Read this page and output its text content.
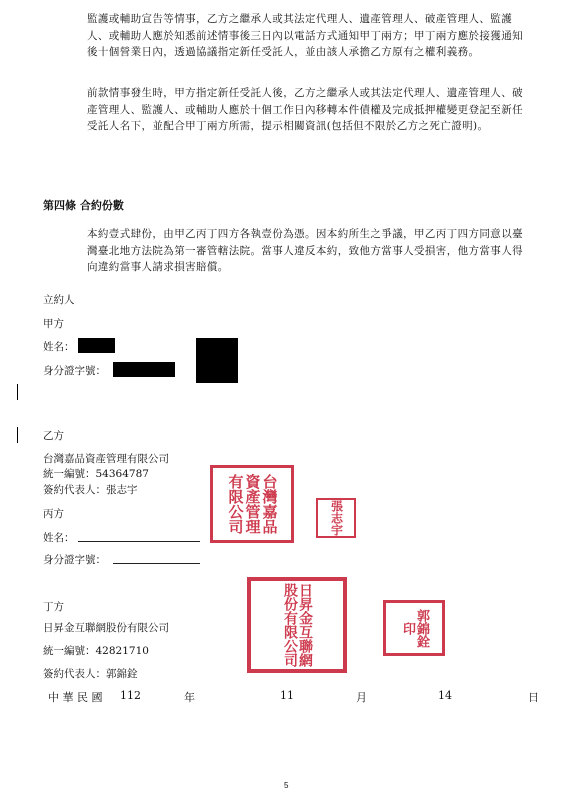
監護或輔助宣告等情事，乙方之繼承人或其法定代理人、遺產管理人、破產管理人、監護人、或輔助人應於知悉前述情事後三日內以電話方式通知甲丁兩方；甲丁兩方應於接獲通知後十個營業日內，透過協議指定新任受託人，並由該人承擔乙方原有之權利義務。
前款情事發生時，甲方指定新任受託人後，乙方之繼承人或其法定代理人、遺產管理人、破產管理人、監護人、或輔助人應於十個工作日內移轉本件債權及完成抵押權變更登記至新任受託人名下，並配合甲丁兩方所需，提示相關資訊(包括但不限於乙方之死亡證明)。
第四條 合約份數
本約壹式肆份，由甲乙丙丁四方各執壹份為憑。因本約所生之爭議，甲乙丙丁四方同意以臺灣臺北地方法院為第一審管轄法院。當事人違反本約，致他方當事人受損害，他方當事人得向違約當事人請求損害賠償。
立約人
甲方
姓名：
身分證字號：
乙方
台灣嘉品資產管理有限公司
統一編號：54364787
簽約代表人：張志宇	台灣嘉品資產管理有限公司	張志宇
丙方
姓名：
身分證字號：
丁方
日昇金互聯網股份有限公司
統一編號：42821710
簽約代表人：郭錦銓
日昇金互聯網股份有限公司	郭錦銓印
中 華 民 國 112	年	11	月	14	日
5
